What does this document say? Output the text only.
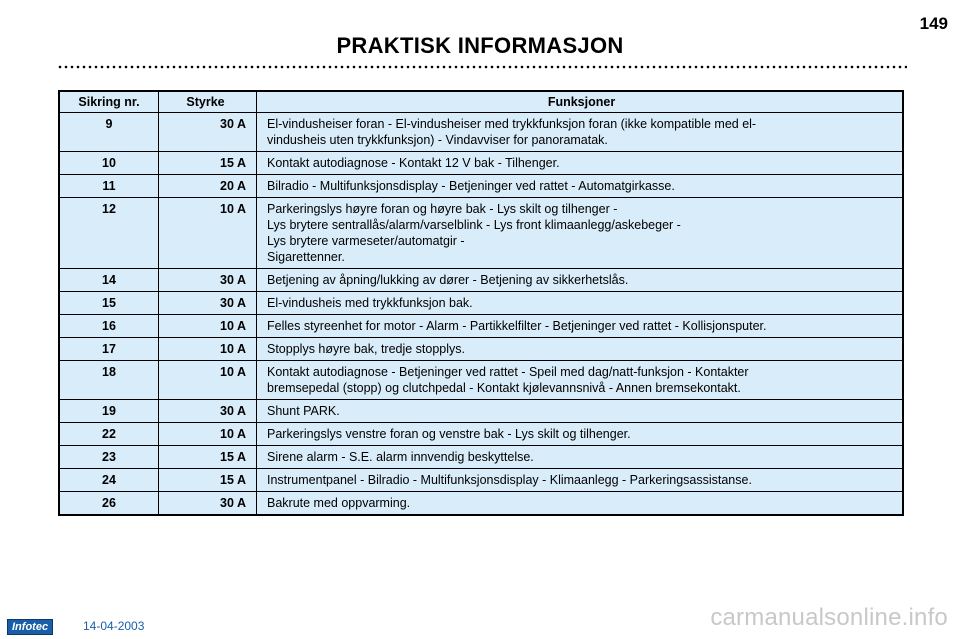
149
PRAKTISK INFORMASJON
Sikring nr.	Styrke	Funksjoner
9	30 A	El-vindusheiser foran - El-vindusheiser med trykkfunksjon foran (ikke kompatible med el-
vindusheis uten trykkfunksjon) - Vindavviser for panoramatak.

10	15 A	Kontakt autodiagnose - Kontakt 12 V bak - Tilhenger.

11	20 A	Bilradio - Multifunksjonsdisplay - Betjeninger ved rattet - Automatgirkasse.

12	10 A	Parkeringslys høyre foran og høyre bak - Lys skilt og tilhenger -
Lys brytere sentrallås/alarm/varselblink - Lys front klimaanlegg/askebeger -
Lys brytere varmeseter/automatgir -
Sigarettenner.

14	30 A	Betjening av åpning/lukking av dører - Betjening av sikkerhetslås.

15	30 A	El-vindusheis med trykkfunksjon bak.

16	10 A	Felles styreenhet for motor - Alarm - Partikkelfilter - Betjeninger ved rattet - Kollisjonsputer.

17	10 A	Stopplys høyre bak, tredje stopplys.

18	10 A	Kontakt autodiagnose - Betjeninger ved rattet - Speil med dag/natt-funksjon - Kontakter
bremsepedal (stopp) og clutchpedal - Kontakt kjølevannsnivå - Annen bremsekontakt.

19	30 A	Shunt PARK.

22	10 A	Parkeringslys venstre foran og venstre bak - Lys skilt og tilhenger.

23	15 A	Sirene alarm - S.E. alarm innvendig beskyttelse.

24	15 A	Instrumentpanel - Bilradio - Multifunksjonsdisplay - Klimaanlegg - Parkeringsassistanse.

26	30 A	Bakrute med oppvarming.
Infotec	14-04-2003	carmanualsonline.info
